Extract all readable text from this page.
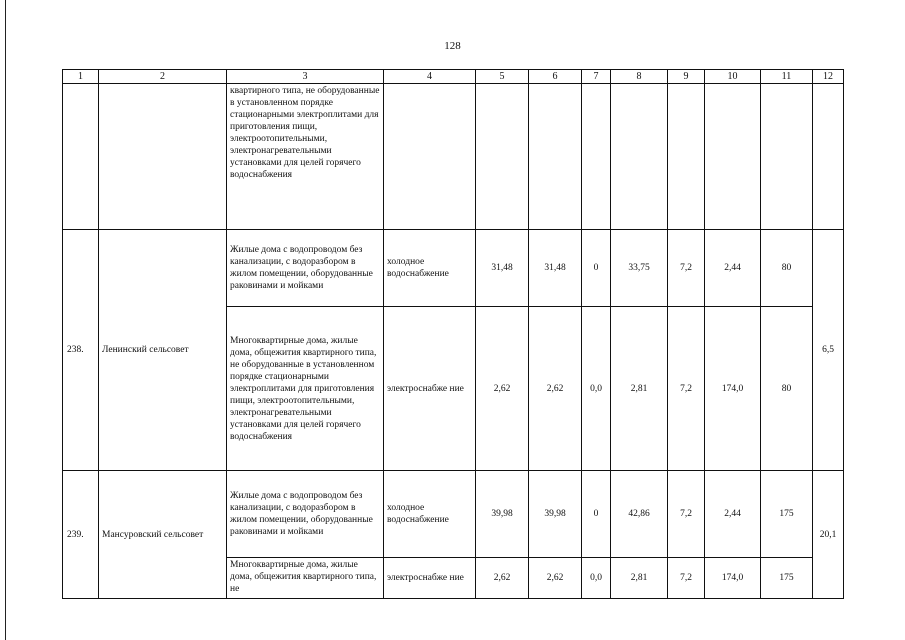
128
1	2	3	4	5	6	7	8	9	10	11	12
		квартирного типа, не оборудованные в установленном порядке стационарными электроплитами для приготовления пищи, электроотопительными, электронагревательными установками для целей горячего водоснабжения									
238.	Ленинский сельсовет	Жилые дома с водопроводом без канализации, с водоразбором в жилом помещении, оборудованные раковинами и мойками	холодное водоснабжение	31,48	31,48	0	33,75	7,2	2,44	80	6,5
		Многоквартирные дома, жилые дома, общежития квартирного типа, не оборудованные в установленном порядке стационарными электроплитами для приготовления пищи, электроотопительными, электронагревательными установками для целей горячего водоснабжения	электроснабже ние	2,62	2,62	0,0	2,81	7,2	174,0	80	
239.	Мансуровский сельсовет	Жилые дома с водопроводом без канализации, с водоразбором в жилом помещении, оборудованные раковинами и мойками	холодное водоснабжение	39,98	39,98	0	42,86	7,2	2,44	175	20,1
		Многоквартирные дома, жилые дома, общежития квартирного типа, не	электроснабже ние	2,62	2,62	0,0	2,81	7,2	174,0	175	
